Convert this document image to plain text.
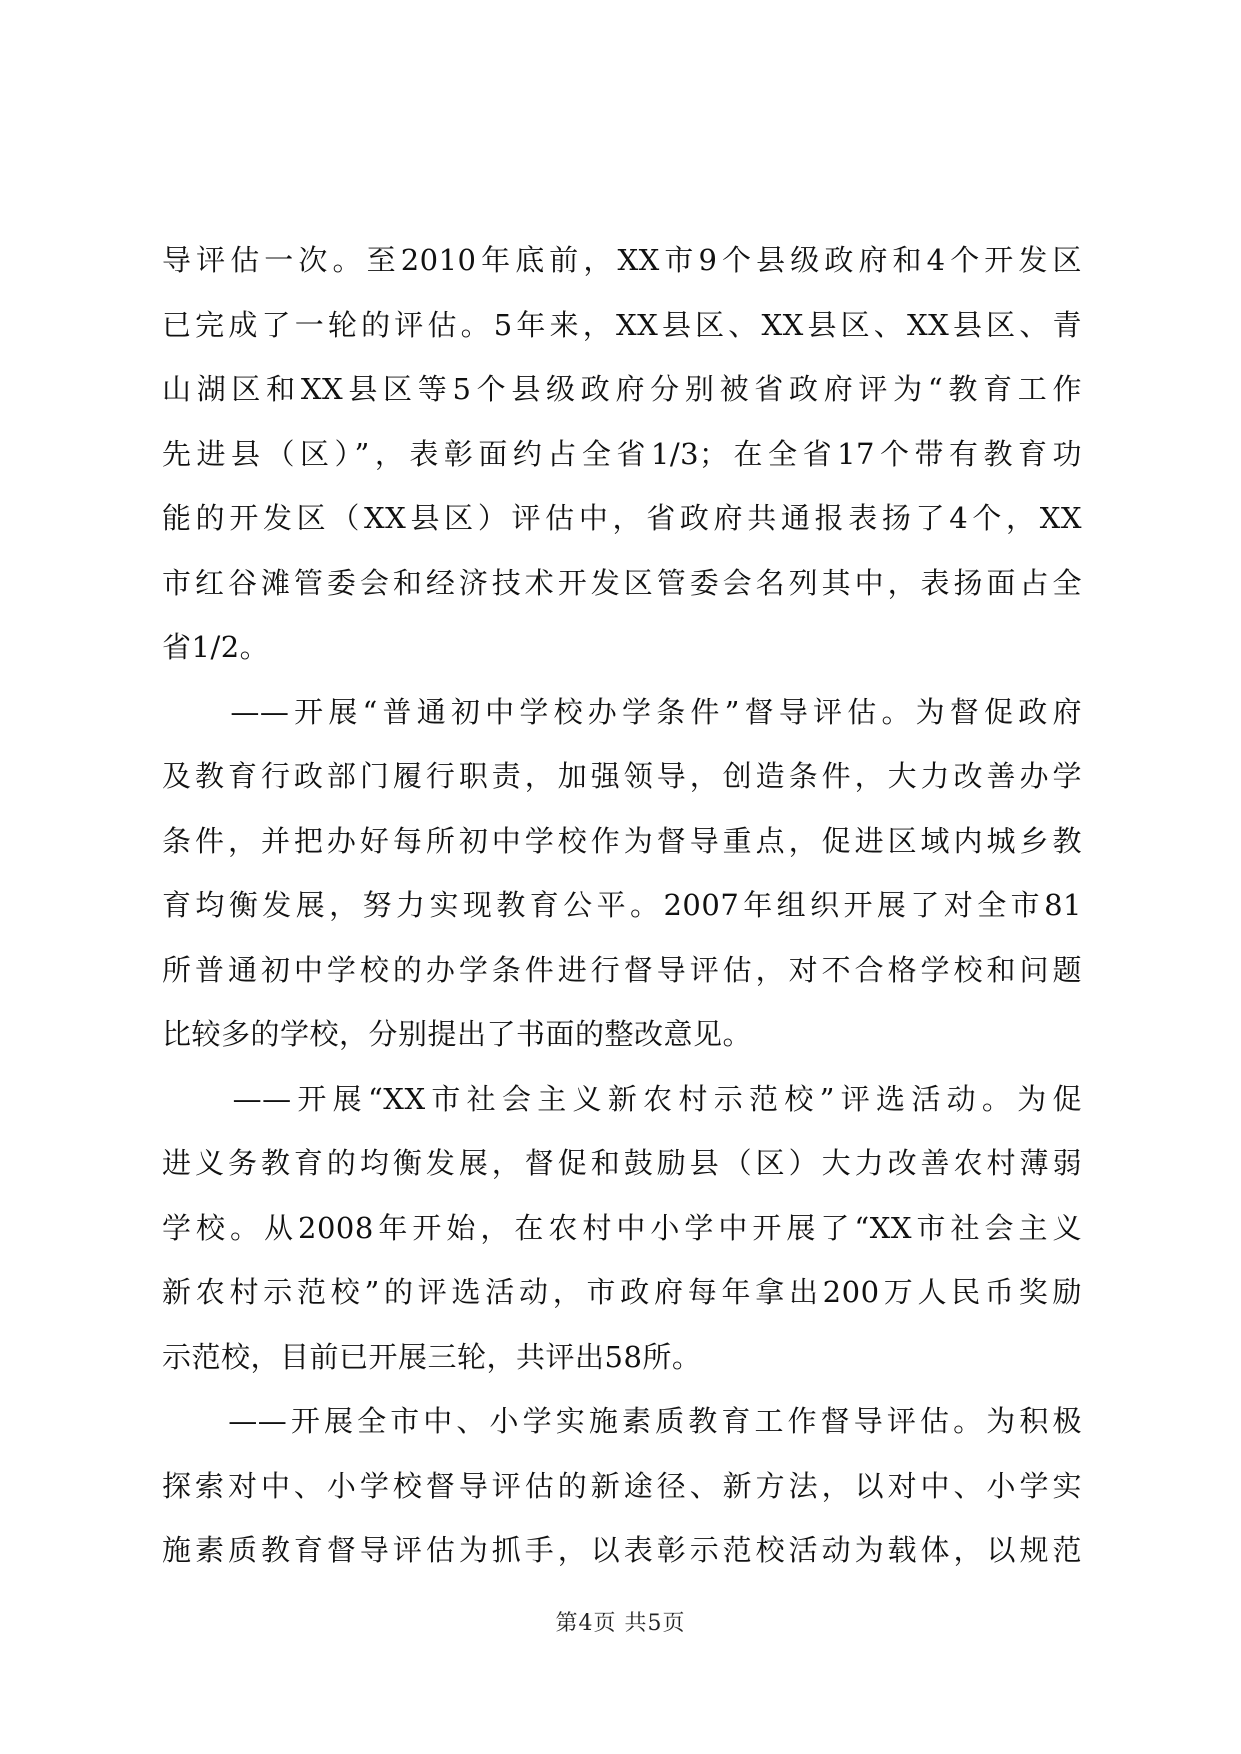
导评估一次。至2010年底前，XX市9个县级政府和4个开发区
已完成了一轮的评估。5年来，XX县区、XX县区、XX县区、青
山湖区和XX县区等5个县级政府分别被省政府评为“教育工作
先进县（区）”，表彰面约占全省1/3；在全省17个带有教育功
能的开发区（XX县区）评估中，省政府共通报表扬了4个，XX
市红谷滩管委会和经济技术开发区管委会名列其中，表扬面占全
省1/2。
　　——开展“普通初中学校办学条件”督导评估。为督促政府
及教育行政部门履行职责，加强领导，创造条件，大力改善办学
条件，并把办好每所初中学校作为督导重点，促进区域内城乡教
育均衡发展，努力实现教育公平。2007年组织开展了对全市81
所普通初中学校的办学条件进行督导评估，对不合格学校和问题
比较多的学校，分别提出了书面的整改意见。
　　——开展“XX市社会主义新农村示范校”评选活动。为促
进义务教育的均衡发展，督促和鼓励县（区）大力改善农村薄弱
学校。从2008年开始，在农村中小学中开展了“XX市社会主义
新农村示范校”的评选活动，市政府每年拿出200万人民币奖励
示范校，目前已开展三轮，共评出58所。
　　——开展全市中、小学实施素质教育工作督导评估。为积极
探索对中、小学校督导评估的新途径、新方法，以对中、小学实
施素质教育督导评估为抓手，以表彰示范校活动为载体，以规范
第4页 共5页
